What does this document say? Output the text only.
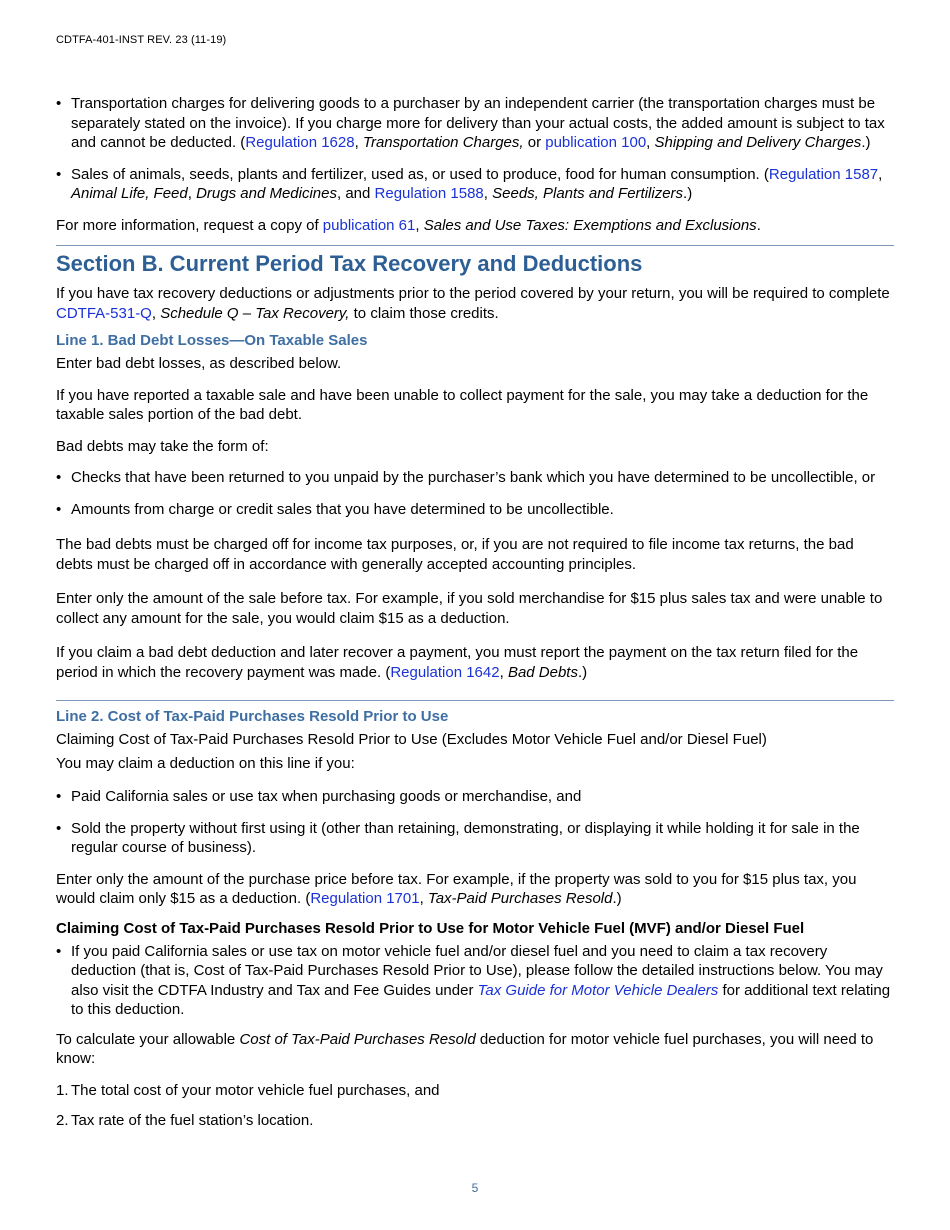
CDTFA-401-INST REV. 23 (11-19)
• Transportation charges for delivering goods to a purchaser by an independent carrier (the transportation charges must be separately stated on the invoice). If you charge more for delivery than your actual costs, the added amount is subject to tax and cannot be deducted. (Regulation 1628, Transportation Charges, or publication 100, Shipping and Delivery Charges.)
• Sales of animals, seeds, plants and fertilizer, used as, or used to produce, food for human consumption. (Regulation 1587, Animal Life, Feed, Drugs and Medicines, and Regulation 1588, Seeds, Plants and Fertilizers.)

For more information, request a copy of publication 61, Sales and Use Taxes: Exemptions and Exclusions.

Section B. Current Period Tax Recovery and Deductions

If you have tax recovery deductions or adjustments prior to the period covered by your return, you will be required to complete CDTFA-531-Q, Schedule Q – Tax Recovery, to claim those credits.

Line 1. Bad Debt Losses—On Taxable Sales

Enter bad debt losses, as described below.

If you have reported a taxable sale and have been unable to collect payment for the sale, you may take a deduction for the taxable sales portion of the bad debt.

Bad debts may take the form of:

• Checks that have been returned to you unpaid by the purchaser’s bank which you have determined to be uncollectible, or
• Amounts from charge or credit sales that you have determined to be uncollectible.

The bad debts must be charged off for income tax purposes, or, if you are not required to file income tax returns, the bad debts must be charged off in accordance with generally accepted accounting principles.

Enter only the amount of the sale before tax. For example, if you sold merchandise for $15 plus sales tax and were unable to collect any amount for the sale, you would claim $15 as a deduction.

If you claim a bad debt deduction and later recover a payment, you must report the payment on the tax return filed for the period in which the recovery payment was made. (Regulation 1642, Bad Debts.)

Line 2. Cost of Tax-Paid Purchases Resold Prior to Use

Claiming Cost of Tax-Paid Purchases Resold Prior to Use (Excludes Motor Vehicle Fuel and/or Diesel Fuel)

You may claim a deduction on this line if you:

• Paid California sales or use tax when purchasing goods or merchandise, and
• Sold the property without first using it (other than retaining, demonstrating, or displaying it while holding it for sale in the regular course of business).

Enter only the amount of the purchase price before tax. For example, if the property was sold to you for $15 plus tax, you would claim only $15 as a deduction. (Regulation 1701, Tax-Paid Purchases Resold.)

Claiming Cost of Tax-Paid Purchases Resold Prior to Use for Motor Vehicle Fuel (MVF) and/or Diesel Fuel
• If you paid California sales or use tax on motor vehicle fuel and/or diesel fuel and you need to claim a tax recovery deduction (that is, Cost of Tax-Paid Purchases Resold Prior to Use), please follow the detailed instructions below. You may also visit the CDTFA Industry and Tax and Fee Guides under Tax Guide for Motor Vehicle Dealers for additional text relating to this deduction.

To calculate your allowable Cost of Tax-Paid Purchases Resold deduction for motor vehicle fuel purchases, you will need to know:

1. The total cost of your motor vehicle fuel purchases, and
2. Tax rate of the fuel station’s location.
5
